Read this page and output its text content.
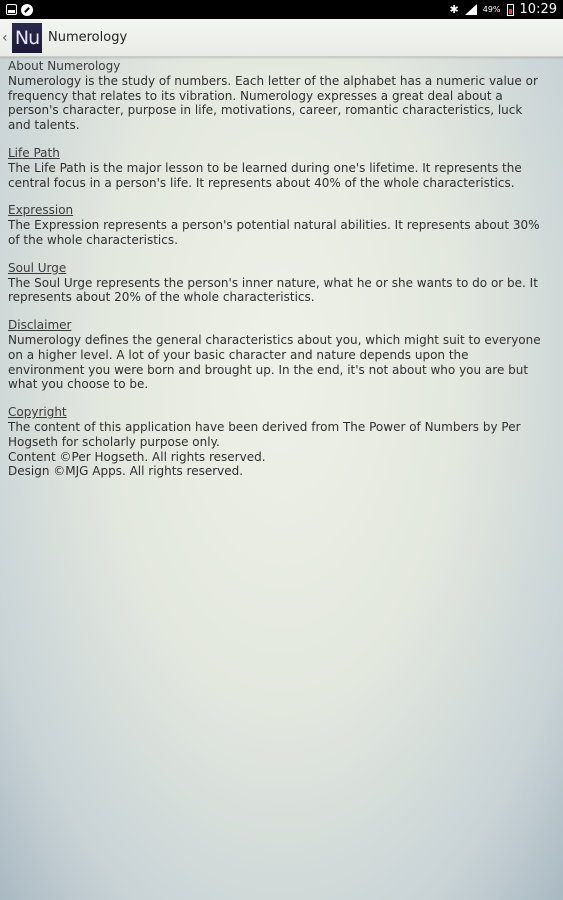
✱	49% 10:29
‹ Nu Numerology
About Numerology
Numerology is the study of numbers. Each letter of the alphabet has a numeric value or frequency that relates to its vibration. Numerology expresses a great deal about a person's character, purpose in life, motivations, career, romantic characteristics, luck and talents.
Life Path
The Life Path is the major lesson to be learned during one's lifetime. It represents the central focus in a person's life. It represents about 40% of the whole characteristics.
Expression
The Expression represents a person's potential natural abilities. It represents about 30% of the whole characteristics.
Soul Urge
The Soul Urge represents the person's inner nature, what he or she wants to do or be. It represents about 20% of the whole characteristics.
Disclaimer
Numerology defines the general characteristics about you, which might suit to everyone on a higher level. A lot of your basic character and nature depends upon the environment you were born and brought up. In the end, it's not about who you are but what you choose to be.
Copyright
The content of this application have been derived from The Power of Numbers by Per Hogseth for scholarly purpose only.
Content ©Per Hogseth. All rights reserved.
Design ©MJG Apps. All rights reserved.
